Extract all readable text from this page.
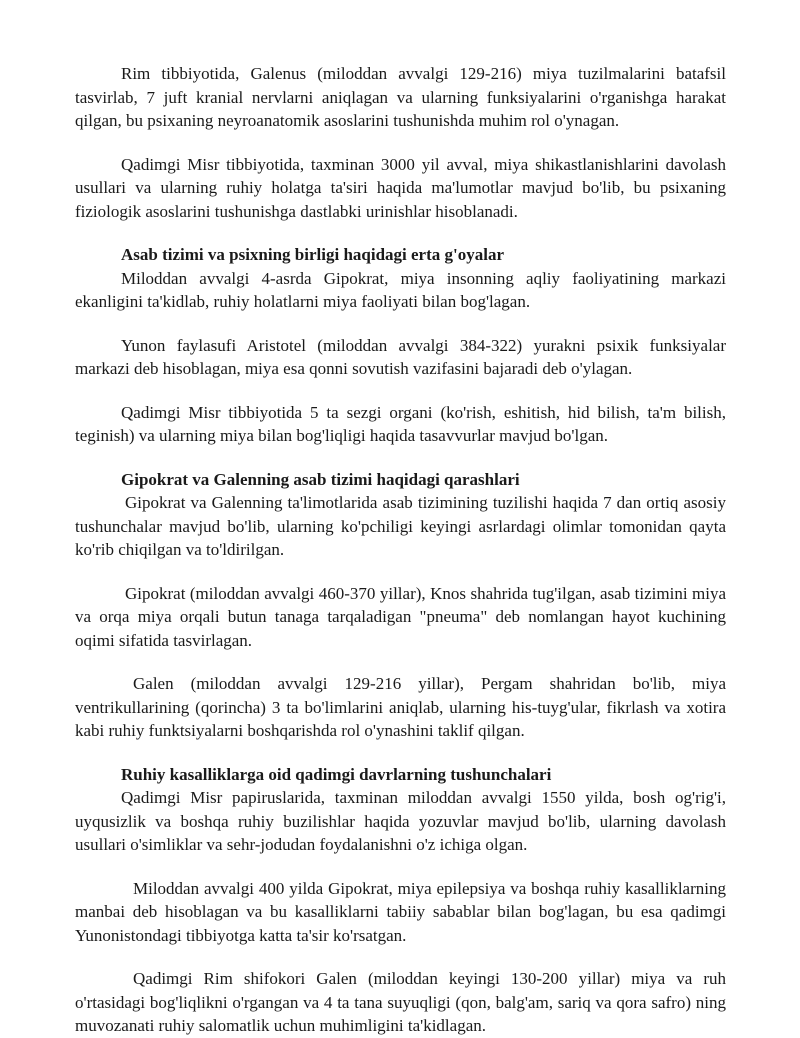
Rim tibbiyotida, Galenus (miloddan avvalgi 129-216) miya tuzilmalarini batafsil tasvirlab, 7 juft kranial nervlarni aniqlagan va ularning funksiyalarini o'rganishga harakat qilgan, bu psixaning neyroanatomik asoslarini tushunishda muhim rol o'ynagan.

Qadimgi Misr tibbiyotida, taxminan 3000 yil avval, miya shikastlanishlarini davolash usullari va ularning ruhiy holatga ta'siri haqida ma'lumotlar mavjud bo'lib, bu psixaning fiziologik asoslarini tushunishga dastlabki urinishlar hisoblanadi.

Asab tizimi va psixning birligi haqidagi erta g'oyalar

Miloddan avvalgi 4-asrda Gipokrat, miya insonning aqliy faoliyatining markazi ekanligini ta'kidlab, ruhiy holatlarni miya faoliyati bilan bog'lagan.

Yunon faylasufi Aristotel (miloddan avvalgi 384-322) yurakni psixik funksiyalar markazi deb hisoblagan, miya esa qonni sovutish vazifasini bajaradi deb o'ylagan.

Qadimgi Misr tibbiyotida 5 ta sezgi organi (ko'rish, eshitish, hid bilish, ta'm bilish, teginish) va ularning miya bilan bog'liqligi haqida tasavvurlar mavjud bo'lgan.

Gipokrat va Galenning asab tizimi haqidagi qarashlari

Gipokrat va Galenning ta'limotlarida asab tizimining tuzilishi haqida 7 dan ortiq asosiy tushunchalar mavjud bo'lib, ularning ko'pchiligi keyingi asrlardagi olimlar tomonidan qayta ko'rib chiqilgan va to'ldirilgan.

Gipokrat (miloddan avvalgi 460-370 yillar), Knos shahrida tug'ilgan, asab tizimini miya va orqa miya orqali butun tanaga tarqaladigan "pneuma" deb nomlangan hayot kuchining oqimi sifatida tasvirlagan.

Galen (miloddan avvalgi 129-216 yillar), Pergam shahridan bo'lib, miya ventrikullarining (qorincha) 3 ta bo'limlarini aniqlab, ularning his-tuyg'ular, fikrlash va xotira kabi ruhiy funktsiyalarni boshqarishda rol o'ynashini taklif qilgan.

Ruhiy kasalliklarga oid qadimgi davrlarning tushunchalari

Qadimgi Misr papiruslarida, taxminan miloddan avvalgi 1550 yilda, bosh og'rig'i, uyqusizlik va boshqa ruhiy buzilishlar haqida yozuvlar mavjud bo'lib, ularning davolash usullari o'simliklar va sehr-jodudan foydalanishni o'z ichiga olgan.

Miloddan avvalgi 400 yilda Gipokrat, miya epilepsiya va boshqa ruhiy kasalliklarning manbai deb hisoblagan va bu kasalliklarni tabiiy sabablar bilan bog'lagan, bu esa qadimgi Yunonistondagi tibbiyotga katta ta'sir ko'rsatgan.

Qadimgi Rim shifokori Galen (miloddan keyingi 130-200 yillar) miya va ruh o'rtasidagi bog'liqlikni o'rgangan va 4 ta tana suyuqligi (qon, balg'am, sariq va qora safro) ning muvozanati ruhiy salomatlik uchun muhimligini ta'kidlagan.
